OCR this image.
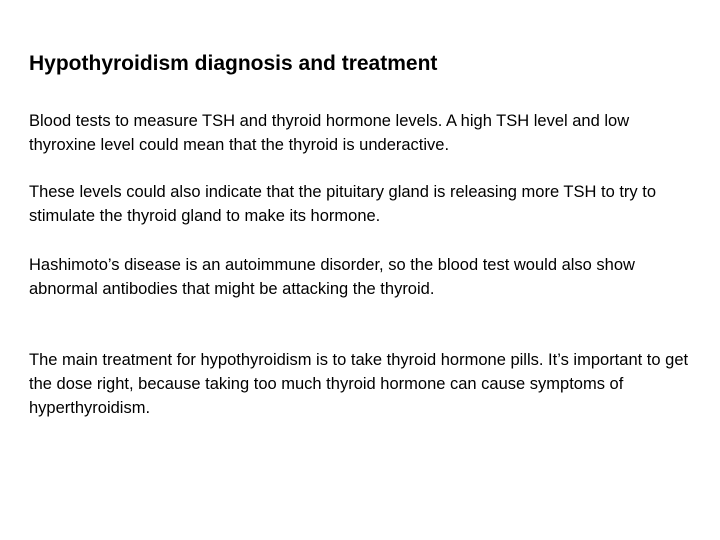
Hypothyroidism diagnosis and treatment

Blood tests to measure TSH and thyroid hormone levels. A high TSH level and low thyroxine level could mean that the thyroid is underactive.

These levels could also indicate that the pituitary gland is releasing more TSH to try to stimulate the thyroid gland to make its hormone.

Hashimoto’s disease is an autoimmune disorder, so the blood test would also show abnormal antibodies that might be attacking the thyroid.

The main treatment for hypothyroidism is to take thyroid hormone pills. It’s important to get the dose right, because taking too much thyroid hormone can cause symptoms of hyperthyroidism.
